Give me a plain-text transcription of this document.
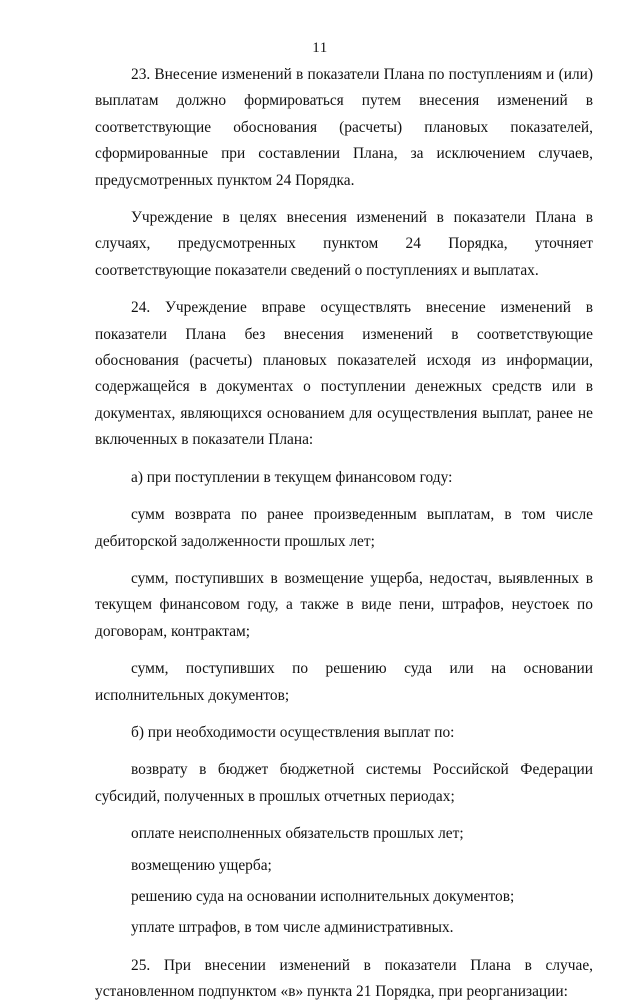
11

23. Внесение изменений в показатели Плана по поступлениям и (или) выплатам должно формироваться путем внесения изменений в соответствующие обоснования (расчеты) плановых показателей, сформированные при составлении Плана, за исключением случаев, предусмотренных пунктом 24 Порядка.

Учреждение в целях внесения изменений в показатели Плана в случаях, предусмотренных пунктом 24 Порядка, уточняет соответствующие показатели сведений о поступлениях и выплатах.

24. Учреждение вправе осуществлять внесение изменений в показатели Плана без внесения изменений в соответствующие обоснования (расчеты) плановых показателей исходя из информации, содержащейся в документах о поступлении денежных средств или в документах, являющихся основанием для осуществления выплат, ранее не включенных в показатели Плана:

а) при поступлении в текущем финансовом году:

сумм возврата по ранее произведенным выплатам, в том числе дебиторской задолженности прошлых лет;

сумм, поступивших в возмещение ущерба, недостач, выявленных в текущем финансовом году, а также в виде пени, штрафов, неустоек по договорам, контрактам;

сумм, поступивших по решению суда или на основании исполнительных документов;

б) при необходимости осуществления выплат по:

возврату в бюджет бюджетной системы Российской Федерации субсидий, полученных в прошлых отчетных периодах;

оплате неисполненных обязательств прошлых лет;

возмещению ущерба;

решению суда на основании исполнительных документов;

уплате штрафов, в том числе административных.

25. При внесении изменений в показатели Плана в случае, установленном подпунктом «в» пункта 21 Порядка, при реорганизации:
